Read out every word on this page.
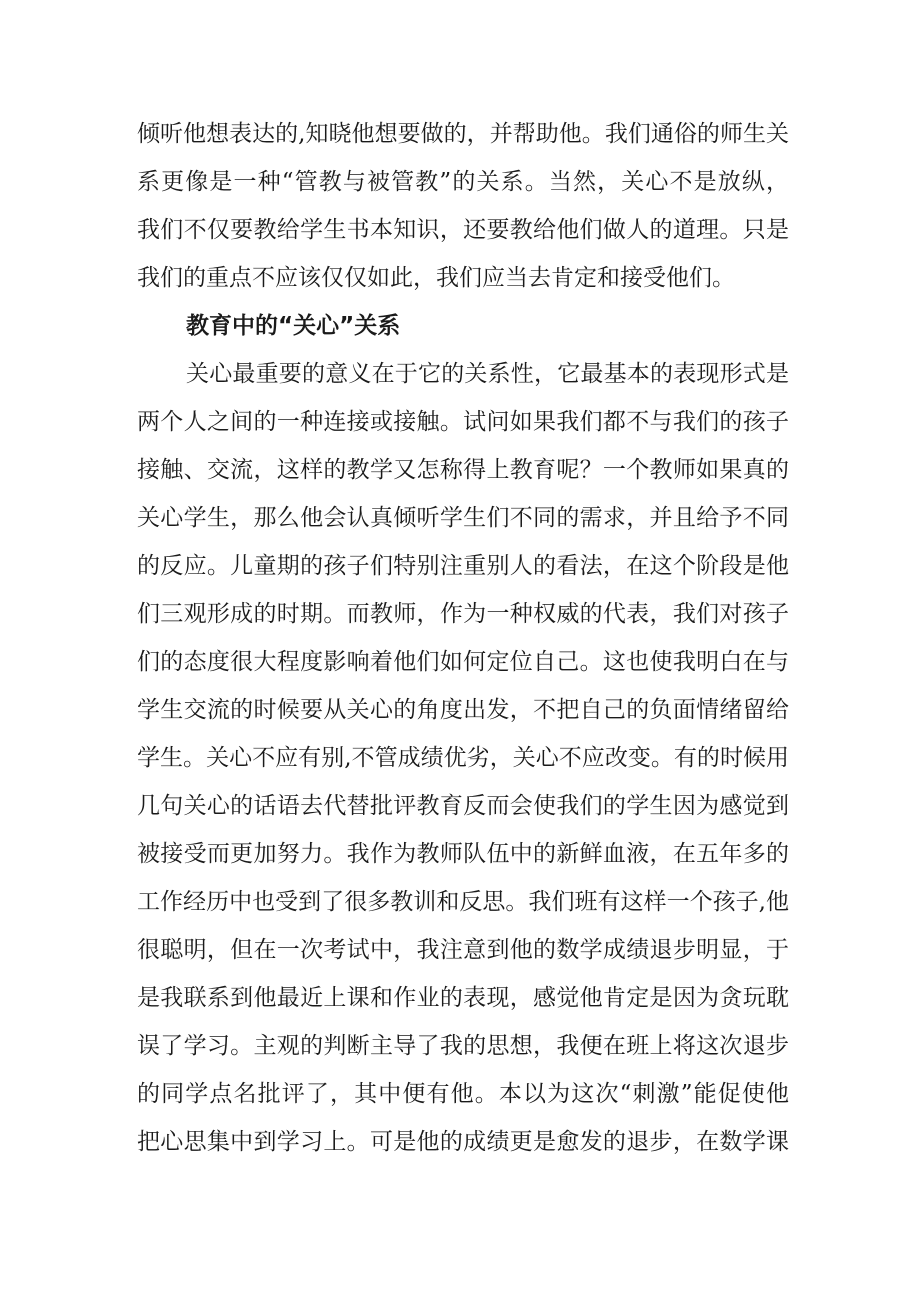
倾听他想表达的,知晓他想要做的，并帮助他。我们通俗的师生关
系更像是一种“管教与被管教”的关系。当然，关心不是放纵，
我们不仅要教给学生书本知识，还要教给他们做人的道理。只是
我们的重点不应该仅仅如此，我们应当去肯定和接受他们。
教育中的“关心”关系
关心最重要的意义在于它的关系性，它最基本的表现形式是
两个人之间的一种连接或接触。试问如果我们都不与我们的孩子
接触、交流，这样的教学又怎称得上教育呢？一个教师如果真的
关心学生，那么他会认真倾听学生们不同的需求，并且给予不同
的反应。儿童期的孩子们特别注重别人的看法，在这个阶段是他
们三观形成的时期。而教师，作为一种权威的代表，我们对孩子
们的态度很大程度影响着他们如何定位自己。这也使我明白在与
学生交流的时候要从关心的角度出发，不把自己的负面情绪留给
学生。关心不应有别,不管成绩优劣，关心不应改变。有的时候用
几句关心的话语去代替批评教育反而会使我们的学生因为感觉到
被接受而更加努力。我作为教师队伍中的新鲜血液，在五年多的
工作经历中也受到了很多教训和反思。我们班有这样一个孩子,他
很聪明，但在一次考试中，我注意到他的数学成绩退步明显，于
是我联系到他最近上课和作业的表现，感觉他肯定是因为贪玩耽
误了学习。主观的判断主导了我的思想，我便在班上将这次退步
的同学点名批评了，其中便有他。本以为这次“刺激”能促使他
把心思集中到学习上。可是他的成绩更是愈发的退步，在数学课
